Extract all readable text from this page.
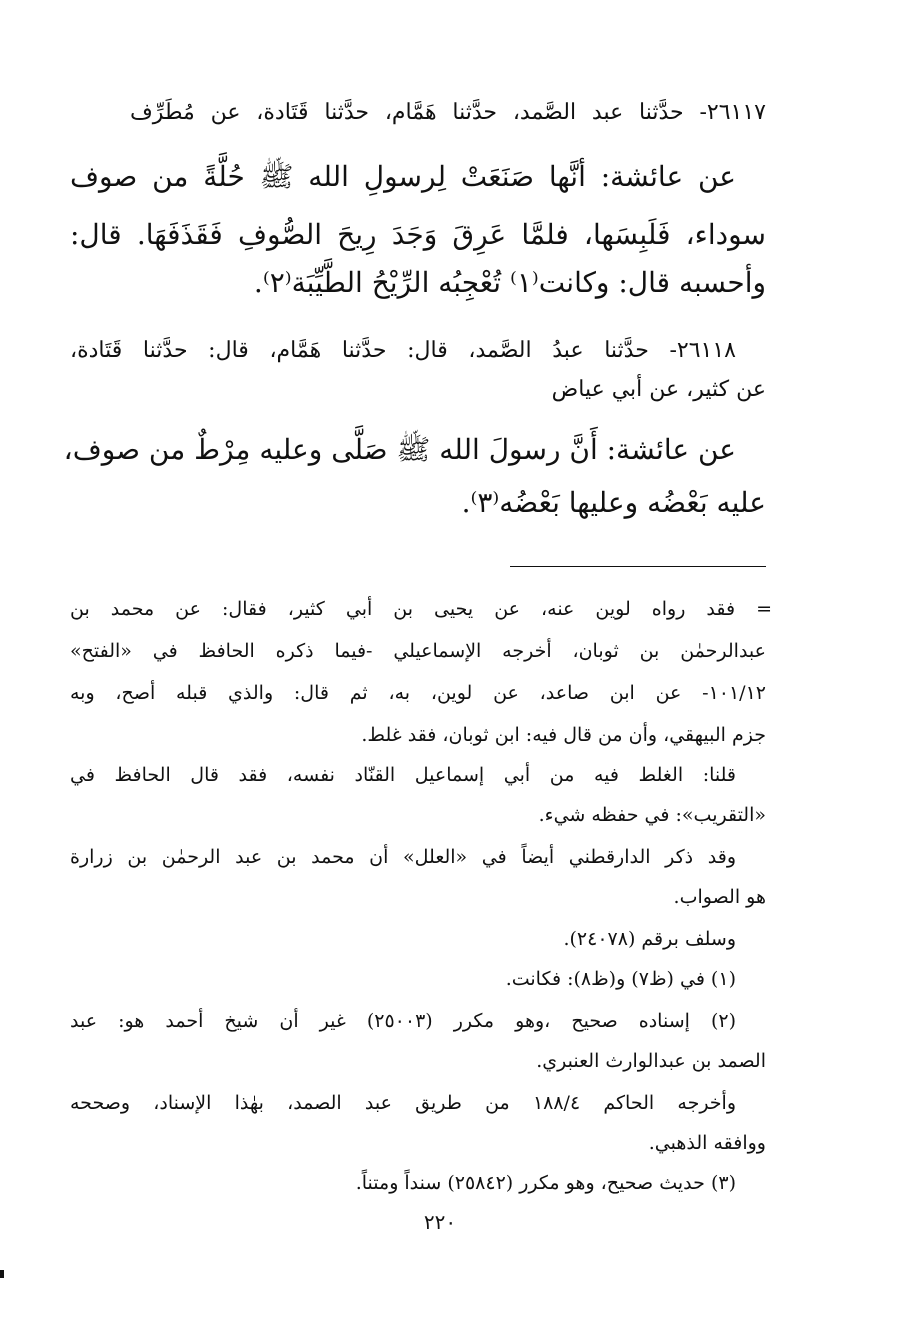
٢٦١١٧- حدَّثنا عبد الصَّمد، حدَّثنا هَمَّام، حدَّثنا قَتَادة، عن مُطَرِّف
عن عائشة: أنَّها صَنَعَتْ لِرسولِ الله ﷺ حُلَّةً من صوف
سوداء، فَلَبِسَها، فلمَّا عَرِقَ وَجَدَ رِيحَ الصُّوفِ فَقَذَفَهَا. قال:
وأحسبه قال: وكانت⁽١⁾ تُعْجِبُه الرِّيْحُ الطَّيِّبَة⁽٢⁾.
٢٦١١٨- حدَّثنا عبدُ الصَّمد، قال: حدَّثنا هَمَّام، قال: حدَّثنا قَتَادة،
عن كثير، عن أبي عياض
عن عائشة: أَنَّ رسولَ الله ﷺ صَلَّى وعليه مِرْطٌ من صوف،
عليه بَعْضُه وعليها بَعْضُه⁽٣⁾.
= فقد رواه لوين عنه، عن يحيى بن أبي كثير، فقال: عن محمد بن
عبدالرحمٰن بن ثوبان، أخرجه الإسماعيلي -فيما ذكره الحافظ في «الفتح»
١٠١/١٢- عن ابن صاعد، عن لوين، به، ثم قال: والذي قبله أصح، وبه
جزم البيهقي، وأن من قال فيه: ابن ثوبان، فقد غلط.
قلنا: الغلط فيه من أبي إسماعيل القنّاد نفسه، فقد قال الحافظ في
«التقريب»: في حفظه شيء.
وقد ذكر الدارقطني أيضاً في «العلل» أن محمد بن عبد الرحمٰن بن زرارة
هو الصواب.
وسلف برقم (٢٤٠٧٨).
(١) في (ظ٧) و(ظ٨): فكانت.
(٢) إسناده صحيح ،وهو مكرر (٢٥٠٠٣) غير أن شيخ أحمد هو: عبد
الصمد بن عبدالوارث العنبري.
وأخرجه الحاكم ١٨٨/٤ من طريق عبد الصمد، بهٰذا الإسناد، وصححه
ووافقه الذهبي.
(٣) حديث صحيح، وهو مكرر (٢٥٨٤٢) سنداً ومتناً.
٢٢٠
